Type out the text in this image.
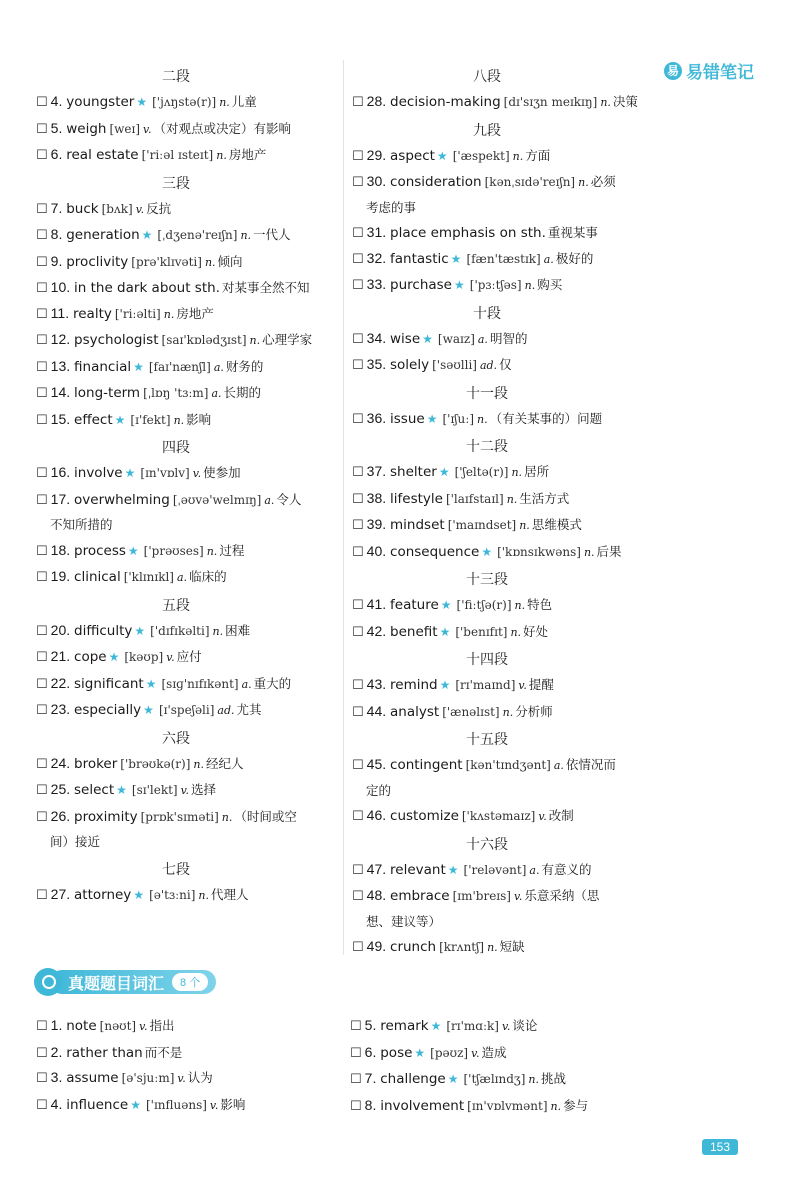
易 易错笔记
二段
☐ 4. youngster ★ ['jʌŋstə(r)] n. 儿童
☐ 5. weigh [weɪ] v. （对观点或决定）有影响
☐ 6. real estate ['riːəl ɪsteɪt] n. 房地产
三段
☐ 7. buck [bʌk] v. 反抗
☐ 8. generation ★ [ˌdʒenə'reɪʃn] n. 一代人
☐ 9. proclivity [prə'klɪvəti] n. 倾向
☐ 10. in the dark about sth. 对某事全然不知
☐ 11. realty ['riːəlti] n. 房地产
☐ 12. psychologist [saɪ'kɒlədʒɪst] n. 心理学家
☐ 13. financial ★ [faɪ'nænʃl] a. 财务的
☐ 14. long-term [ˌlɒŋ 'tɜːm] a. 长期的
☐ 15. effect ★ [ɪ'fekt] n. 影响
四段
☐ 16. involve ★ [ɪn'vɒlv] v. 使参加
☐ 17. overwhelming [ˌəʊvə'welmɪŋ] a. 令人
不知所措的
☐ 18. process ★ ['prəʊses] n. 过程
☐ 19. clinical ['klɪnɪkl] a. 临床的
五段
☐ 20. difficulty ★ ['dɪfɪkəlti] n. 困难
☐ 21. cope ★ [kəʊp] v. 应付
☐ 22. significant ★ [sɪɡ'nɪfɪkənt] a. 重大的
☐ 23. especially ★ [ɪ'speʃəli] ad. 尤其
六段
☐ 24. broker ['brəʊkə(r)] n. 经纪人
☐ 25. select ★ [sɪ'lekt] v. 选择
☐ 26. proximity [prɒk'sɪməti] n. （时间或空
间）接近
七段
☐ 27. attorney ★ [ə'tɜːni] n. 代理人
八段
☐ 28. decision-making [dɪ'sɪʒn meɪkɪŋ] n. 决策
九段
☐ 29. aspect ★ ['æspekt] n. 方面
☐ 30. consideration [kənˌsɪdə'reɪʃn] n. 必须
考虑的事
☐ 31. place emphasis on sth. 重视某事
☐ 32. fantastic ★ [fæn'tæstɪk] a. 极好的
☐ 33. purchase ★ ['pɜːtʃəs] n. 购买
十段
☐ 34. wise ★ [waɪz] a. 明智的
☐ 35. solely ['səʊlli] ad. 仅
十一段
☐ 36. issue ★ ['ɪʃuː] n. （有关某事的）问题
十二段
☐ 37. shelter ★ ['ʃeltə(r)] n. 居所
☐ 38. lifestyle ['laɪfstaɪl] n. 生活方式
☐ 39. mindset ['maɪndset] n. 思维模式
☐ 40. consequence ★ ['kɒnsɪkwəns] n. 后果
十三段
☐ 41. feature ★ ['fiːtʃə(r)] n. 特色
☐ 42. benefit ★ ['benɪfɪt] n. 好处
十四段
☐ 43. remind ★ [rɪ'maɪnd] v. 提醒
☐ 44. analyst ['ænəlɪst] n. 分析师
十五段
☐ 45. contingent [kən'tɪndʒənt] a. 依情况而
定的
☐ 46. customize ['kʌstəmaɪz] v. 改制
十六段
☐ 47. relevant ★ ['reləvənt] a. 有意义的
☐ 48. embrace [ɪm'breɪs] v. 乐意采纳（思
想、建议等）
☐ 49. crunch [krʌntʃ] n. 短缺
真题题目词汇	8 个
☐ 1. note [nəʊt] v. 指出
☐ 2. rather than 而不是
☐ 3. assume [ə'sjuːm] v. 认为
☐ 4. influence ★ ['ɪnfluəns] v. 影响
☐ 5. remark ★ [rɪ'mɑːk] v. 谈论
☐ 6. pose ★ [pəʊz] v. 造成
☐ 7. challenge ★ ['tʃælɪndʒ] n. 挑战
☐ 8. involvement [ɪn'vɒlvmənt] n. 参与
153
